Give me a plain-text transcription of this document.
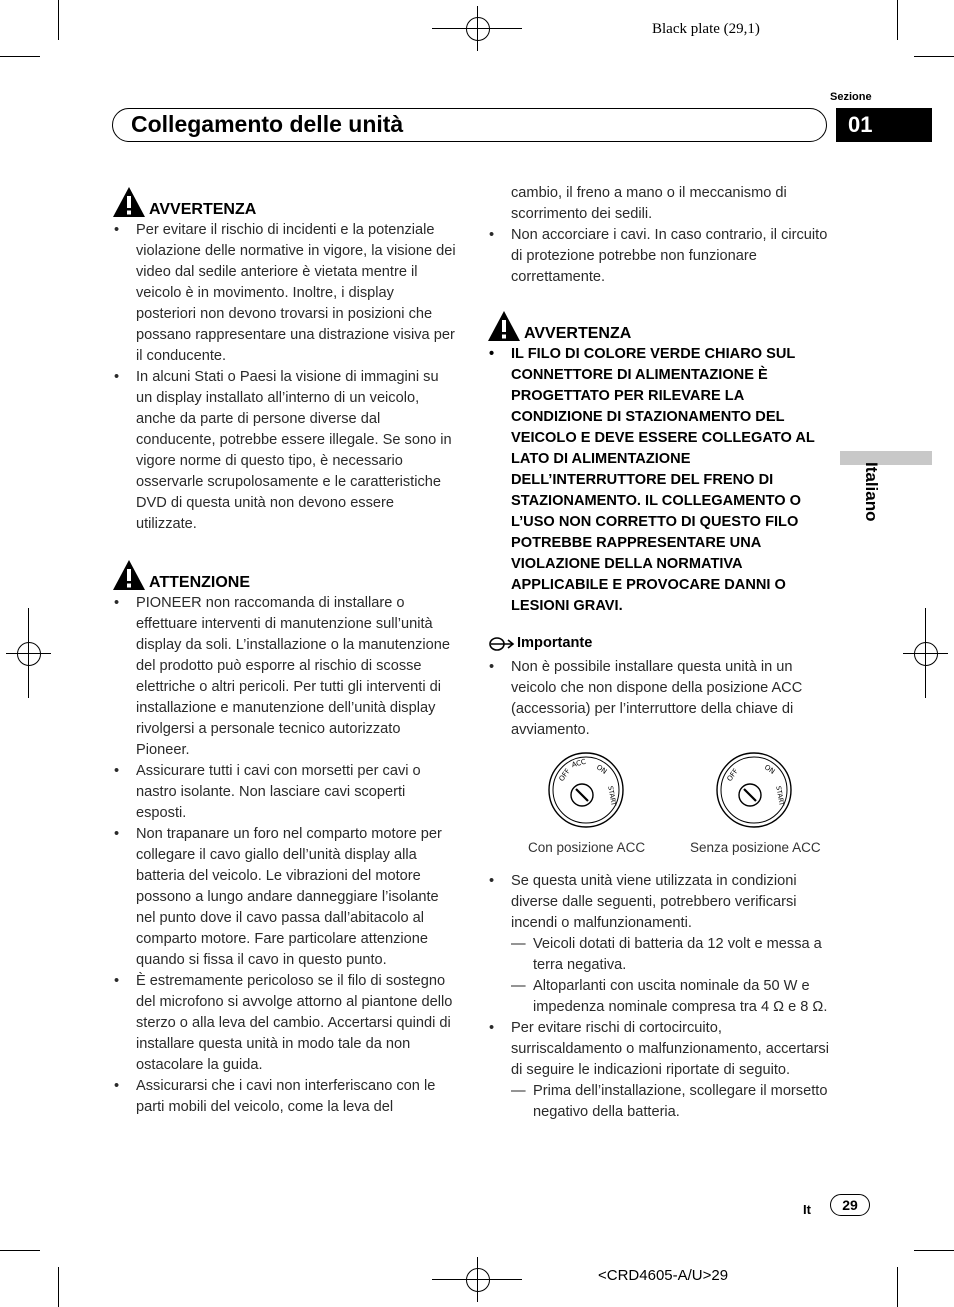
Black plate (29,1)
Sezione
Collegamento delle unità	01
Italiano
AVVERTENZA
• Per evitare il rischio di incidenti e la potenziale violazione delle normative in vigore, la visione dei video dal sedile anteriore è vietata mentre il veicolo è in movimento. Inoltre, i display posteriori non devono trovarsi in posizioni che possano rappresentare una distrazione visiva per il conducente.
• In alcuni Stati o Paesi la visione di immagini su un display installato all’interno di un veicolo, anche da parte di persone diverse dal conducente, potrebbe essere illegale. Se sono in vigore norme di questo tipo, è necessario osservarle scrupolosamente e le caratteristiche DVD di questa unità non devono essere utilizzate.
ATTENZIONE
• PIONEER non raccomanda di installare o effettuare interventi di manutenzione sull’unità display da soli. L’installazione o la manutenzione del prodotto può esporre al rischio di scosse elettriche o altri pericoli. Per tutti gli interventi di installazione e manutenzione dell’unità display rivolgersi a personale tecnico autorizzato Pioneer.
• Assicurare tutti i cavi con morsetti per cavi o nastro isolante. Non lasciare cavi scoperti esposti.
• Non trapanare un foro nel comparto motore per collegare il cavo giallo dell’unità display alla batteria del veicolo. Le vibrazioni del motore possono a lungo andare danneggiare l’isolante nel punto dove il cavo passa dall’abitacolo al comparto motore. Fare particolare attenzione quando si fissa il cavo in questo punto.
• È estremamente pericoloso se il filo di sostegno del microfono si avvolge attorno al piantone dello sterzo o alla leva del cambio. Accertarsi quindi di installare questa unità in modo tale da non ostacolare la guida.
• Assicurarsi che i cavi non interferiscano con le parti mobili del veicolo, come la leva del
cambio, il freno a mano o il meccanismo di scorrimento dei sedili.
• Non accorciare i cavi. In caso contrario, il circuito di protezione potrebbe non funzionare correttamente.
AVVERTENZA
• IL FILO DI COLORE VERDE CHIARO SUL CONNETTORE DI ALIMENTAZIONE È PROGETTATO PER RILEVARE LA CONDIZIONE DI STAZIONAMENTO DEL VEICOLO E DEVE ESSERE COLLEGATO AL LATO DI ALIMENTAZIONE DELL’INTERRUTTORE DEL FRENO DI STAZIONAMENTO. IL COLLEGAMENTO O L’USO NON CORRETTO DI QUESTO FILO POTREBBE RAPPRESENTARE UNA VIOLAZIONE DELLA NORMATIVA APPLICABILE E PROVOCARE DANNI O LESIONI GRAVI.
Importante
• Non è possibile installare questa unità in un veicolo che non dispone della posizione ACC (accessoria) per l’interruttore della chiave di avviamento.
OFF
ACC ON
START
Con posizione ACC
OFF	ON
START
Senza posizione ACC
• Se questa unità viene utilizzata in condizioni diverse dalle seguenti, potrebbero verificarsi incendi o malfunzionamenti.
— Veicoli dotati di batteria da 12 volt e messa a terra negativa.
— Altoparlanti con uscita nominale da 50 W e impedenza nominale compresa tra 4 Ω e 8 Ω.
• Per evitare rischi di cortocircuito, surriscaldamento o malfunzionamento, accertarsi di seguire le indicazioni riportate di seguito.
— Prima dell’installazione, scollegare il morsetto negativo della batteria.
It	29
<CRD4605-A/U>29
